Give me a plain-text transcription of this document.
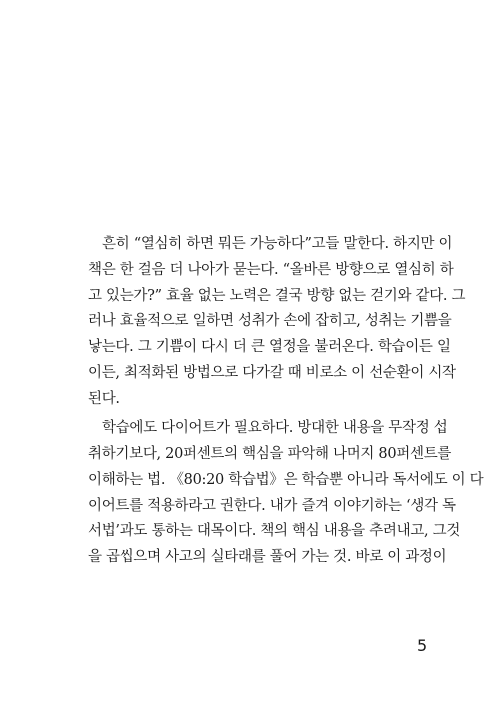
흔히 “열심히 하면 뭐든 가능하다”고들 말한다. 하지만 이
책은 한 걸음 더 나아가 묻는다. “올바른 방향으로 열심히 하
고 있는가?” 효율 없는 노력은 결국 방향 없는 걷기와 같다. 그
러나 효율적으로 일하면 성취가 손에 잡히고, 성취는 기쁨을
낳는다. 그 기쁨이 다시 더 큰 열정을 불러온다. 학습이든 일
이든, 최적화된 방법으로 다가갈 때 비로소 이 선순환이 시작
된다.
학습에도 다이어트가 필요하다. 방대한 내용을 무작정 섭
취하기보다, 20퍼센트의 핵심을 파악해 나머지 80퍼센트를
이해하는 법. 《80:20 학습법》은 학습뿐 아니라 독서에도 이 다
이어트를 적용하라고 권한다. 내가 즐겨 이야기하는 ‘생각 독
서법’과도 통하는 대목이다. 책의 핵심 내용을 추려내고, 그것
을 곱씹으며 사고의 실타래를 풀어 가는 것. 바로 이 과정이
5
